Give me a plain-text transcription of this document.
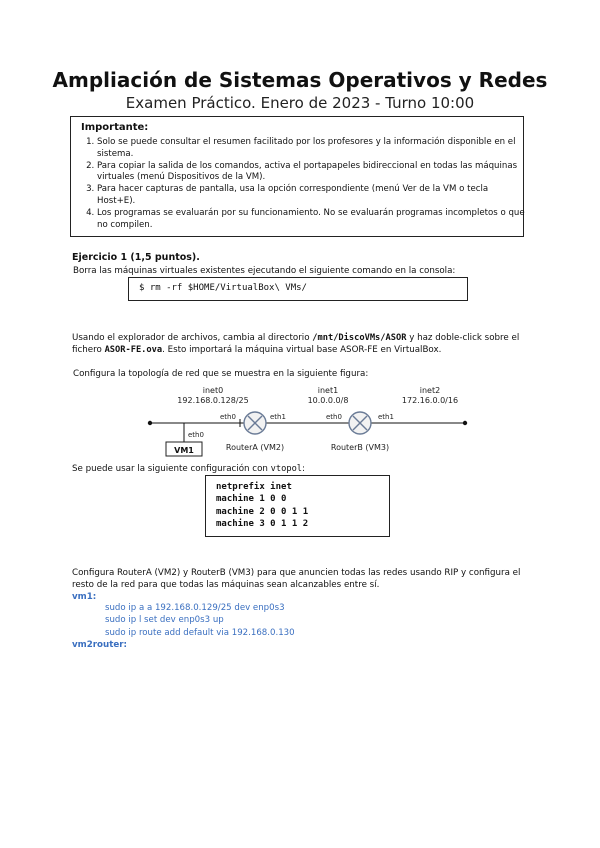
Ampliación de Sistemas Operativos y Redes
Examen Práctico. Enero de 2023 - Turno 10:00
Importante:
1. Solo se puede consultar el resumen facilitado por los profesores y la información disponible en el sistema.
2. Para copiar la salida de los comandos, activa el portapapeles bidireccional en todas las máquinas virtuales (menú Dispositivos de la VM).
3. Para hacer capturas de pantalla, usa la opción correspondiente (menú Ver de la VM o tecla Host+E).
4. Los programas se evaluarán por su funcionamiento. No se evaluarán programas incompletos o que no compilen.
Ejercicio 1 (1,5 puntos).
Borra las máquinas virtuales existentes ejecutando el siguiente comando en la consola:
$ rm -rf $HOME/VirtualBox\ VMs/
Usando el explorador de archivos, cambia al directorio /mnt/DiscoVMs/ASOR y haz doble-click sobre el fichero ASOR-FE.ova. Esto importará la máquina virtual base ASOR-FE en VirtualBox.
Configura la topología de red que se muestra en la siguiente figura:
inet0
192.168.0.128/25
inet1
10.0.0.0/8
inet2
172.16.0.0/16
eth0
VM1
eth0	eth1
RouterA (VM2)
eth0	eth1
RouterB (VM3)
Se puede usar la siguiente configuración con vtopol:
netprefix inet
machine 1 0 0
machine 2 0 0 1 1
machine 3 0 1 1 2
Configura RouterA (VM2) y RouterB (VM3) para que anuncien todas las redes usando RIP y configura el resto de la red para que todas las máquinas sean alcanzables entre sí.
vm1:
sudo ip a a 192.168.0.129/25 dev enp0s3
sudo ip l set dev enp0s3 up
sudo ip route add default via 192.168.0.130
vm2router:
